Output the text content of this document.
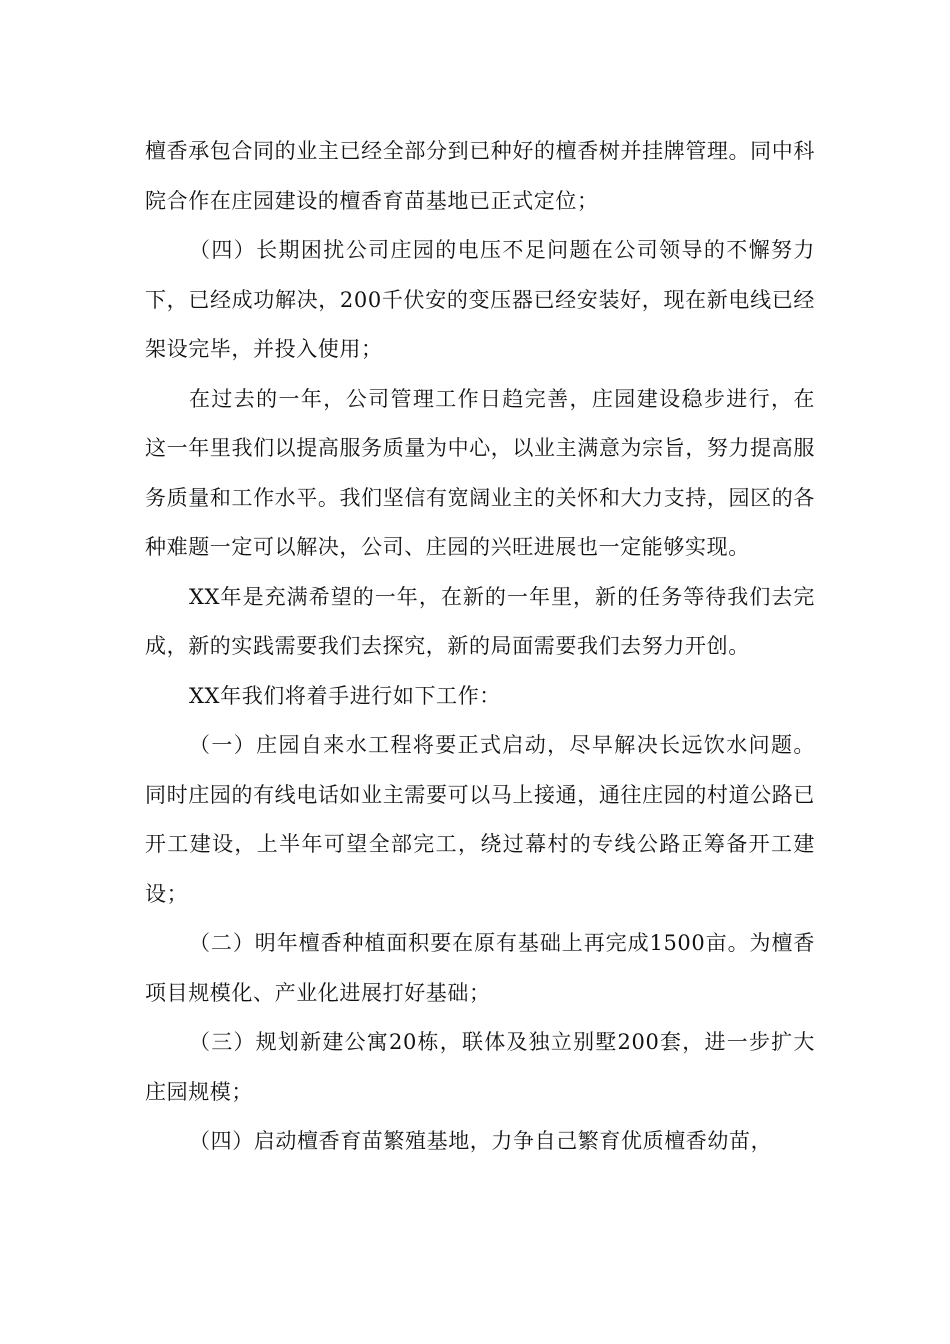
檀香承包合同的业主已经全部分到已种好的檀香树并挂牌管理。同中科院合作在庄园建设的檀香育苗基地已正式定位；

（四）长期困扰公司庄园的电压不足问题在公司领导的不懈努力下，已经成功解决，200千伏安的变压器已经安装好，现在新电线已经架设完毕，并投入使用；

在过去的一年，公司管理工作日趋完善，庄园建设稳步进行，在这一年里我们以提高服务质量为中心，以业主满意为宗旨，努力提高服务质量和工作水平。我们坚信有宽阔业主的关怀和大力支持，园区的各种难题一定可以解决，公司、庄园的兴旺进展也一定能够实现。

XX年是充满希望的一年，在新的一年里，新的任务等待我们去完成，新的实践需要我们去探究，新的局面需要我们去努力开创。

XX年我们将着手进行如下工作：

（一）庄园自来水工程将要正式启动，尽早解决长远饮水问题。同时庄园的有线电话如业主需要可以马上接通，通往庄园的村道公路已开工建设，上半年可望全部完工，绕过幕村的专线公路正筹备开工建设；

（二）明年檀香种植面积要在原有基础上再完成1500亩。为檀香项目规模化、产业化进展打好基础；

（三）规划新建公寓20栋，联体及独立别墅200套，进一步扩大庄园规模；

（四）启动檀香育苗繁殖基地，力争自己繁育优质檀香幼苗，
